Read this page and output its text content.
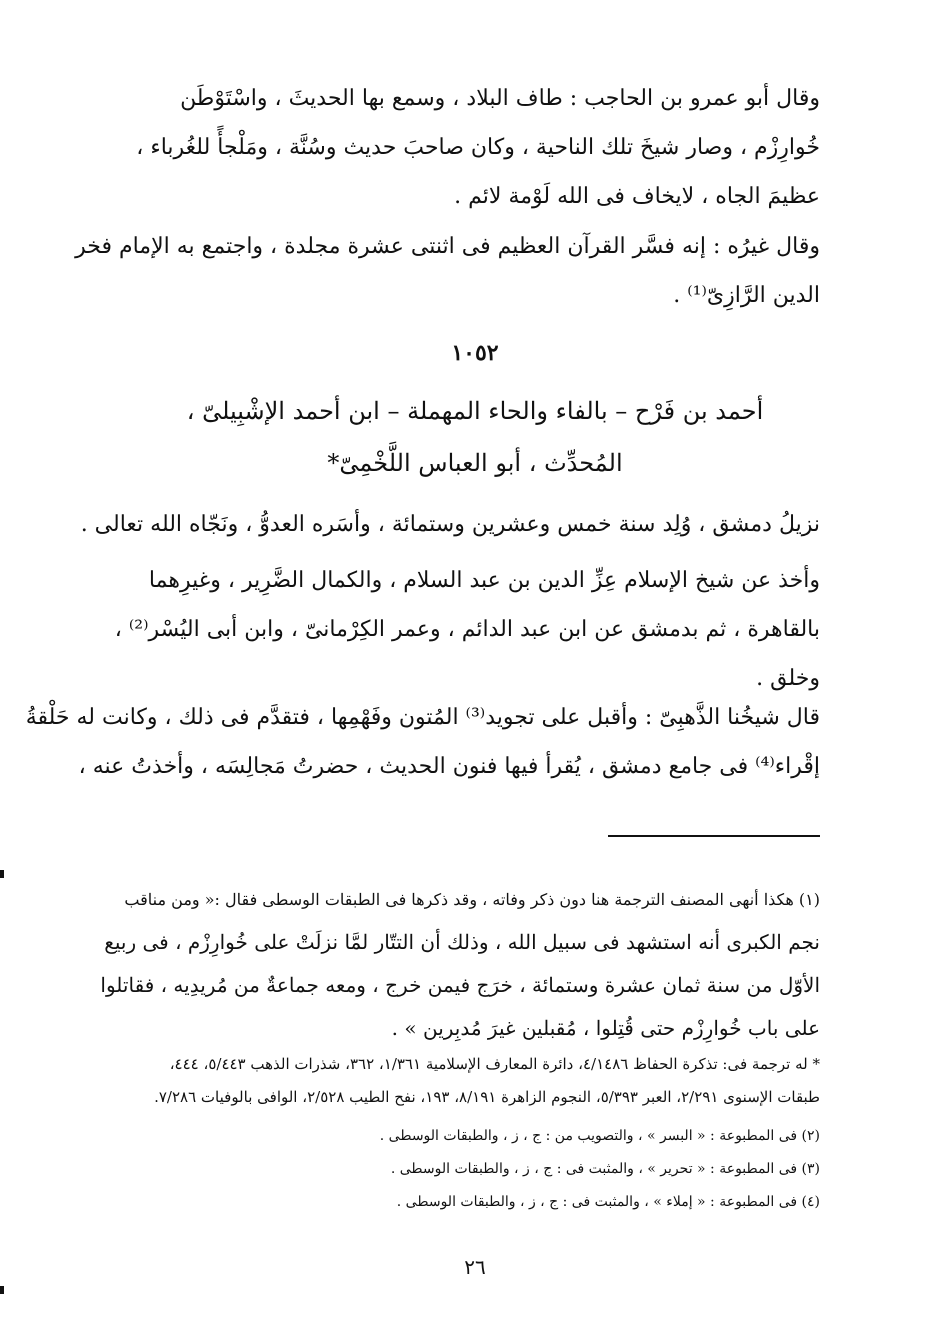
وقال أبو عمرو بن الحاجب : طاف البلاد ، وسمع بها الحديثَ ، واسْتَوْطَن
خُوارِزْم ، وصار شيخَ تلك الناحية ، وكان صاحبَ حديث وسُنَّة ، ومَلْجأً للغُرباء ،
عظيمَ الجاه ، لايخاف فى الله لَوْمة لائم .
وقال غيرُه : إنه فسَّر القرآن العظيم فى اثنتى عشرة مجلدة ، واجتمع به الإمام فخر
الدين الرَّازِىّ⁽¹⁾ .
١٠٥٢
أحمد بن فَرْح – بالفاء والحاء المهملة – ابن أحمد الإشْبِيلىّ ،
المُحدِّث ، أبو العباس اللَّخْمِىّ*
نزيلُ دمشق ، وُلِد سنة خمس وعشرين وستمائة ، وأسَره العدوُّ ، ونَجّاه الله تعالى .
وأخذ عن شيخ الإسلام عِزِّ الدين بن عبد السلام ، والكمال الضَّرِير ، وغيرِهما
بالقاهرة ، ثم بدمشق عن ابن عبد الدائم ، وعمر الكِرْمانىّ ، وابن أبى اليُسْر⁽²⁾ ،
وخلق .
قال شيخُنا الذَّهبِىّ : وأقبل على تجويد⁽³⁾ المُتون وفَهْمِها ، فتقدَّم فى ذلك ، وكانت له حَلْقةُ
إقْراء⁽⁴⁾ فى جامع دمشق ، يُقرأ فيها فنون الحديث ، حضرتُ مَجالِسَه ، وأخذتُ عنه ،
(١) هكذا أنهى المصنف الترجمة هنا دون ذكر وفاته ، وقد ذكرها فى الطبقات الوسطى فقال :« ومن مناقب
نجم الكبرى أنه استشهد فى سبيل الله ، وذلك أن التتّار لمَّا نزلَتْ على خُوارِزْم ، فى ربيع
الأوّل من سنة ثمان عشرة وستمائة ، خرَج فيمن خرج ، ومعه جماعةٌ من مُريدِيه ، فقاتلوا
على باب خُوارِزْم حتى قُتِلوا ، مُقبلين غيرَ مُدبِرين » .
* له ترجمة فى: تذكرة الحفاظ ٤/١٤٨٦، دائرة المعارف الإسلامية ١/٣٦١، ٣٦٢، شذرات الذهب ٥/٤٤٣، ٤٤٤،
طبقات الإسنوى ٢/٢٩١، العبر ٥/٣٩٣، النجوم الزاهرة ٨/١٩١، ١٩٣، نفح الطيب ٢/٥٢٨، الوافى بالوفيات ٧/٢٨٦.
(٢) فى المطبوعة : « البسر » ، والتصويب من : ج ، ز ، والطبقات الوسطى .
(٣) فى المطبوعة : « تحرير » ، والمثبت فى : ج ، ز ، والطبقات الوسطى .
(٤) فى المطبوعة : « إملاء » ، والمثبت فى : ج ، ز ، والطبقات الوسطى .
٢٦
